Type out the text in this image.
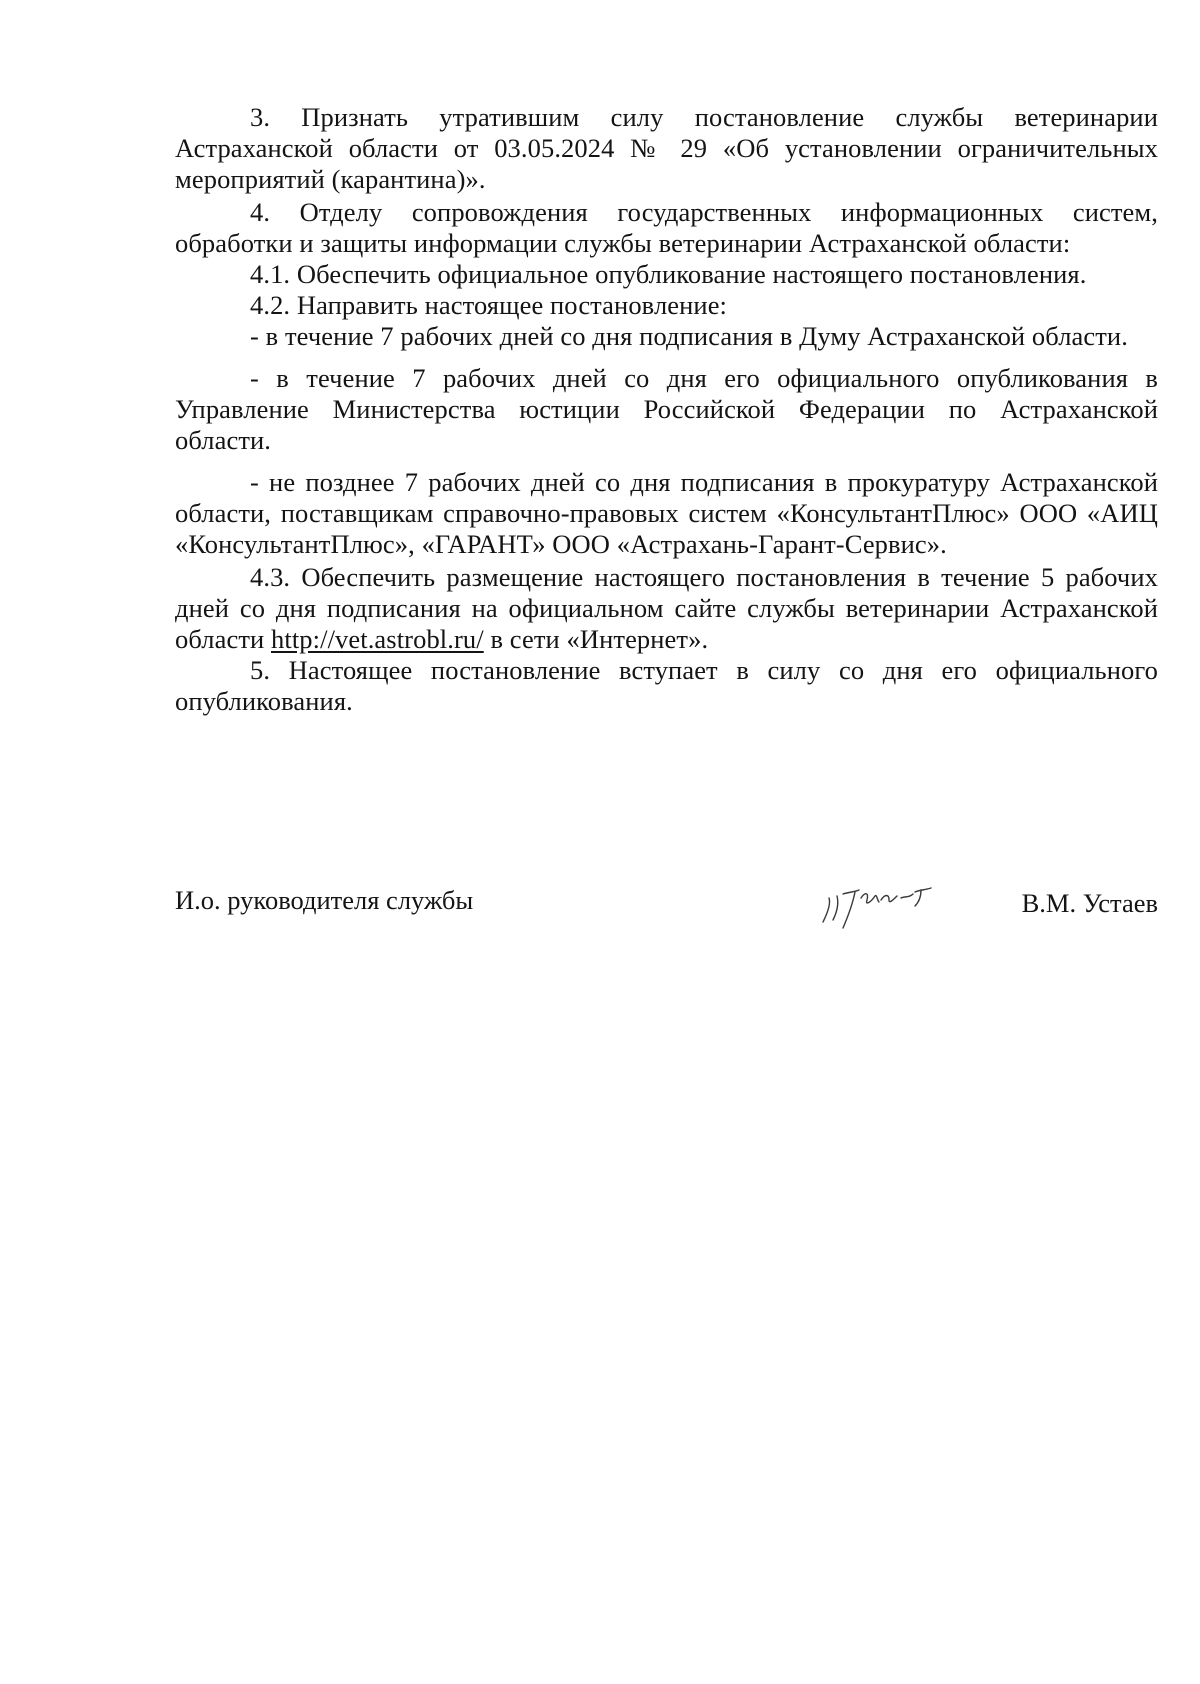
3. Признать утратившим силу постановление службы ветеринарии Астраханской области от 03.05.2024 № 29 «Об установлении ограничительных мероприятий (карантина)».

4. Отделу сопровождения государственных информационных систем, обработки и защиты информации службы ветеринарии Астраханской области:

4.1. Обеспечить официальное опубликование настоящего постановления.

4.2. Направить настоящее постановление:

- в течение 7 рабочих дней со дня подписания в Думу Астраханской области.

- в течение 7 рабочих дней со дня его официального опубликования в Управление Министерства юстиции Российской Федерации по Астраханской области.

- не позднее 7 рабочих дней со дня подписания в прокуратуру Астраханской области, поставщикам справочно-правовых систем «КонсультантПлюс» ООО «АИЦ «КонсультантПлюс», «ГАРАНТ» ООО «Астрахань-Гарант-Сервис».

4.3. Обеспечить размещение настоящего постановления в течение 5 рабочих дней со дня подписания на официальном сайте службы ветеринарии Астраханской области http://vet.astrobl.ru/ в сети «Интернет».

5. Настоящее постановление вступает в силу со дня его официального опубликования.

И.о. руководителя службы	В.М. Устаев
